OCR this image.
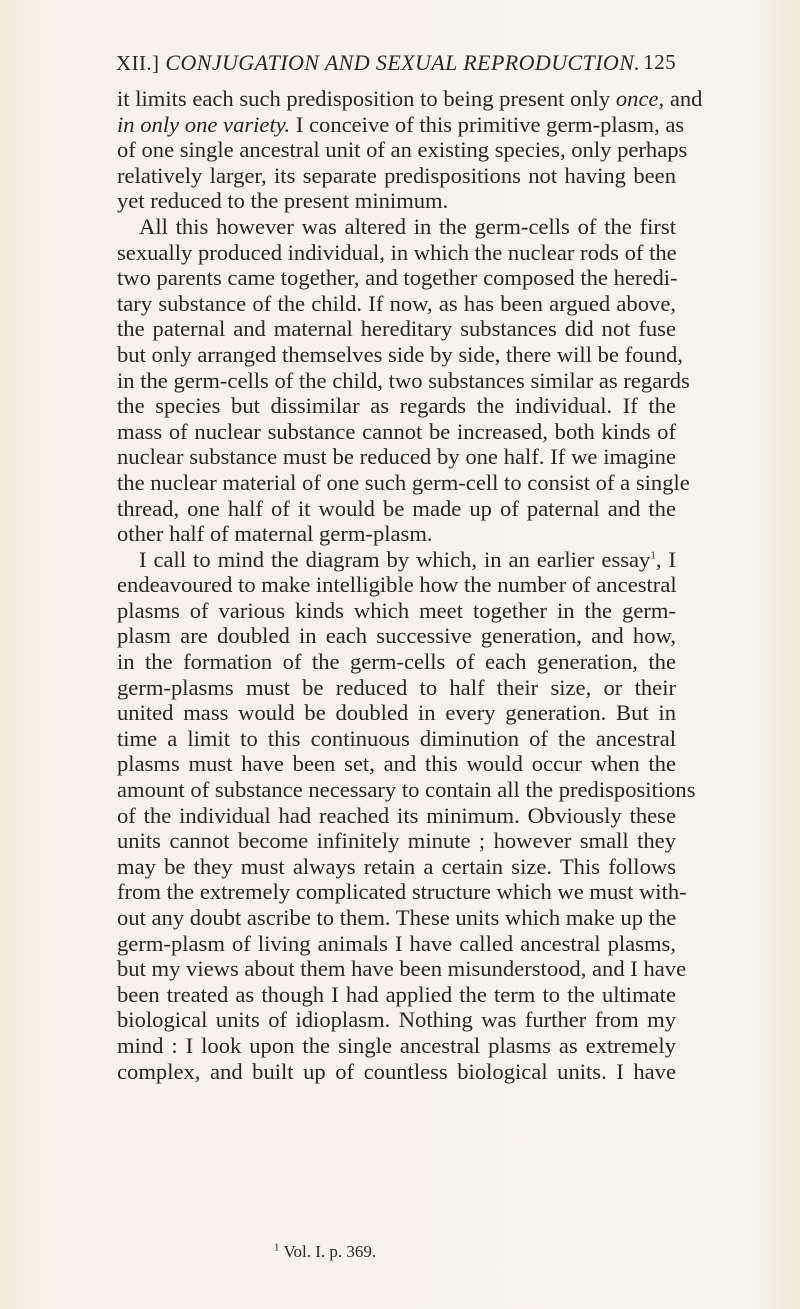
XII.] CONJUGATION AND SEXUAL REPRODUCTION. 125
it limits each such predisposition to being present only once, and
in only one variety. I conceive of this primitive germ-plasm, as
of one single ancestral unit of an existing species, only perhaps
relatively larger, its separate predispositions not having been
yet reduced to the present minimum.
All this however was altered in the germ-cells of the first
sexually produced individual, in which the nuclear rods of the
two parents came together, and together composed the heredi-
tary substance of the child. If now, as has been argued above,
the paternal and maternal hereditary substances did not fuse
but only arranged themselves side by side, there will be found,
in the germ-cells of the child, two substances similar as regards
the species but dissimilar as regards the individual. If the
mass of nuclear substance cannot be increased, both kinds of
nuclear substance must be reduced by one half. If we imagine
the nuclear material of one such germ-cell to consist of a single
thread, one half of it would be made up of paternal and the
other half of maternal germ-plasm.
I call to mind the diagram by which, in an earlier essay$^1$, I
endeavoured to make intelligible how the number of ancestral
plasms of various kinds which meet together in the germ-
plasm are doubled in each successive generation, and how,
in the formation of the germ-cells of each generation, the
germ-plasms must be reduced to half their size, or their
united mass would be doubled in every generation. But in
time a limit to this continuous diminution of the ancestral
plasms must have been set, and this would occur when the
amount of substance necessary to contain all the predispositions
of the individual had reached its minimum. Obviously these
units cannot become infinitely minute ; however small they
may be they must always retain a certain size. This follows
from the extremely complicated structure which we must with-
out any doubt ascribe to them. These units which make up the
germ-plasm of living animals I have called ancestral plasms,
but my views about them have been misunderstood, and I have
been treated as though I had applied the term to the ultimate
biological units of idioplasm. Nothing was further from my
mind : I look upon the single ancestral plasms as extremely
complex, and built up of countless biological units. I have
$^1$ Vol. I. p. 369.
